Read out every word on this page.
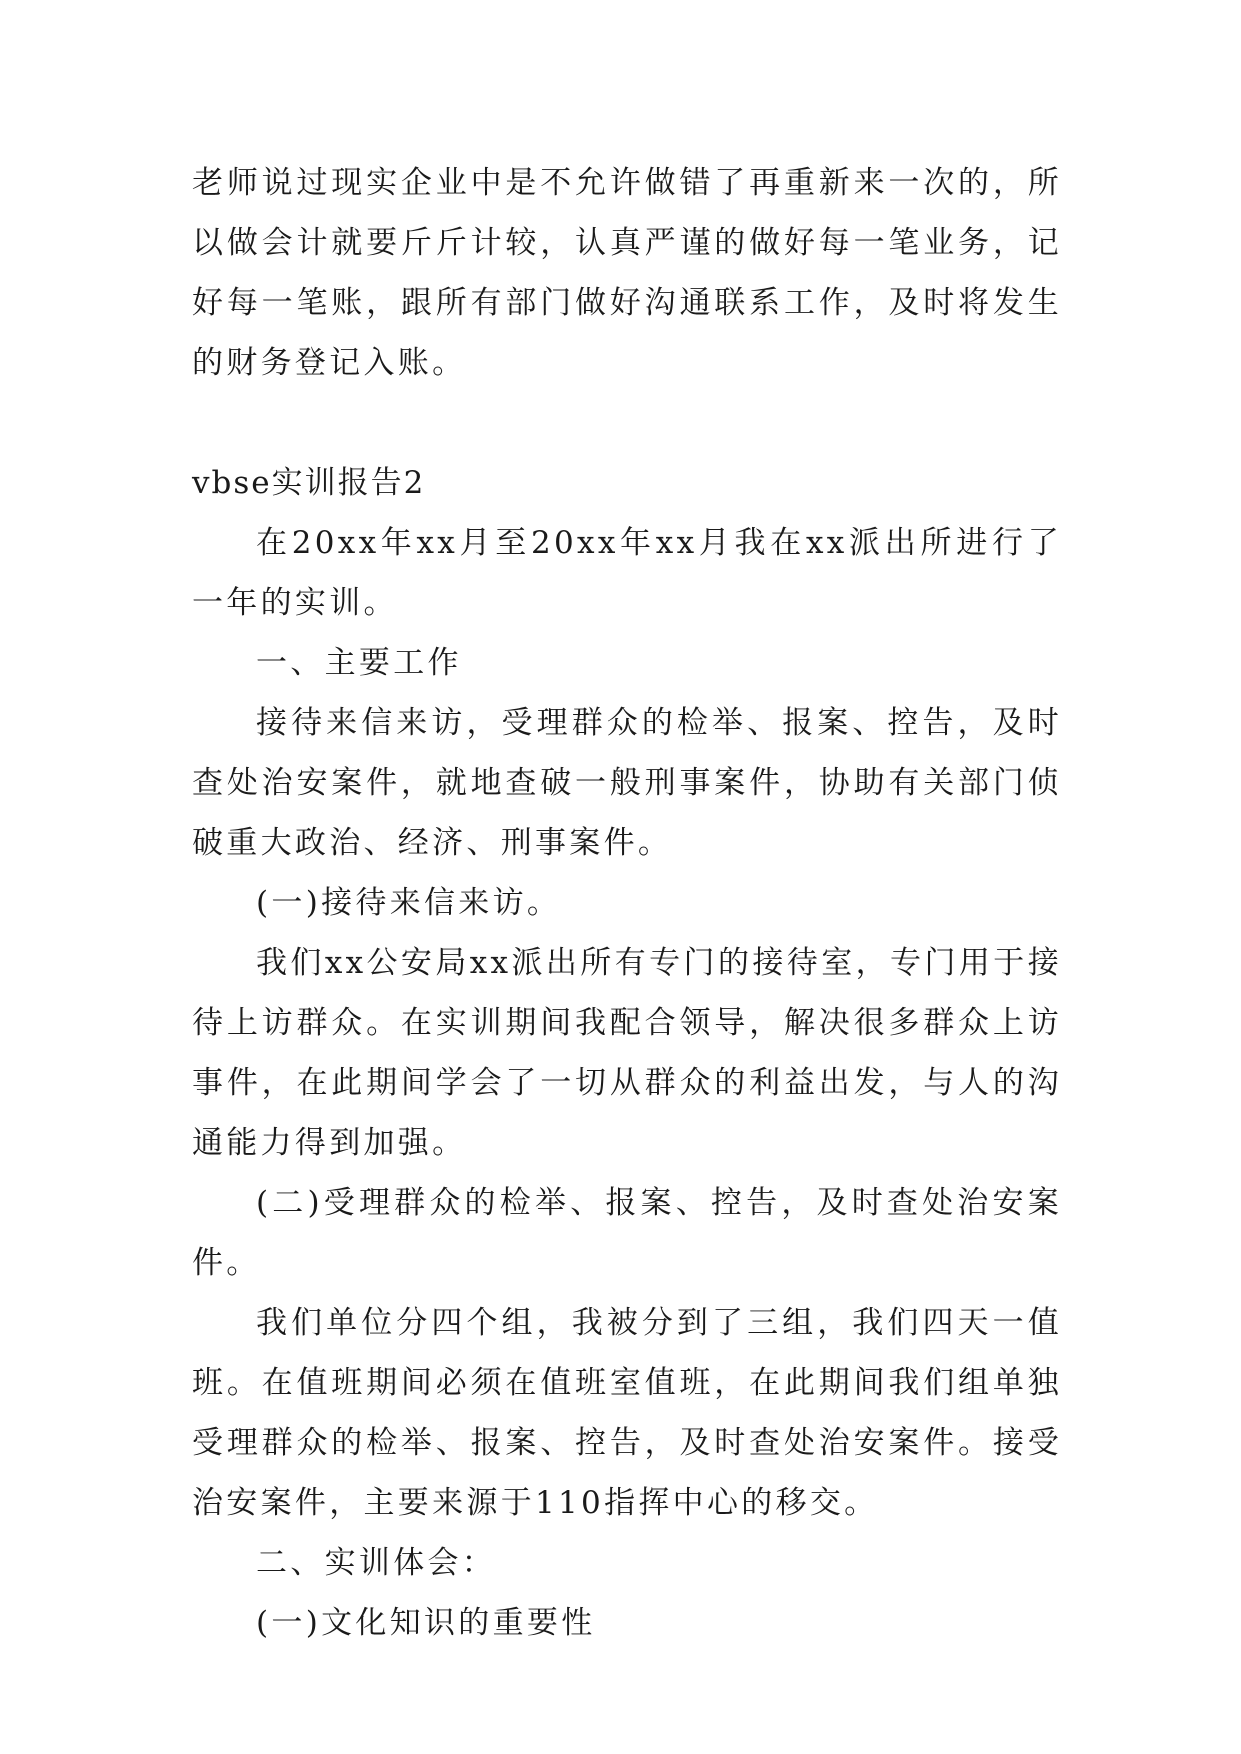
老师说过现实企业中是不允许做错了再重新来一次的，所以做会计就要斤斤计较，认真严谨的做好每一笔业务，记好每一笔账，跟所有部门做好沟通联系工作，及时将发生的财务登记入账。

vbse实训报告2

在20xx年xx月至20xx年xx月我在xx派出所进行了一年的实训。

一、主要工作

接待来信来访，受理群众的检举、报案、控告，及时查处治安案件，就地查破一般刑事案件，协助有关部门侦破重大政治、经济、刑事案件。

(一)接待来信来访。

我们xx公安局xx派出所有专门的接待室，专门用于接待上访群众。在实训期间我配合领导，解决很多群众上访事件，在此期间学会了一切从群众的利益出发，与人的沟通能力得到加强。

(二)受理群众的检举、报案、控告，及时查处治安案件。

我们单位分四个组，我被分到了三组，我们四天一值班。在值班期间必须在值班室值班，在此期间我们组单独受理群众的检举、报案、控告，及时查处治安案件。接受治安案件，主要来源于110指挥中心的移交。

二、实训体会：

(一)文化知识的重要性
